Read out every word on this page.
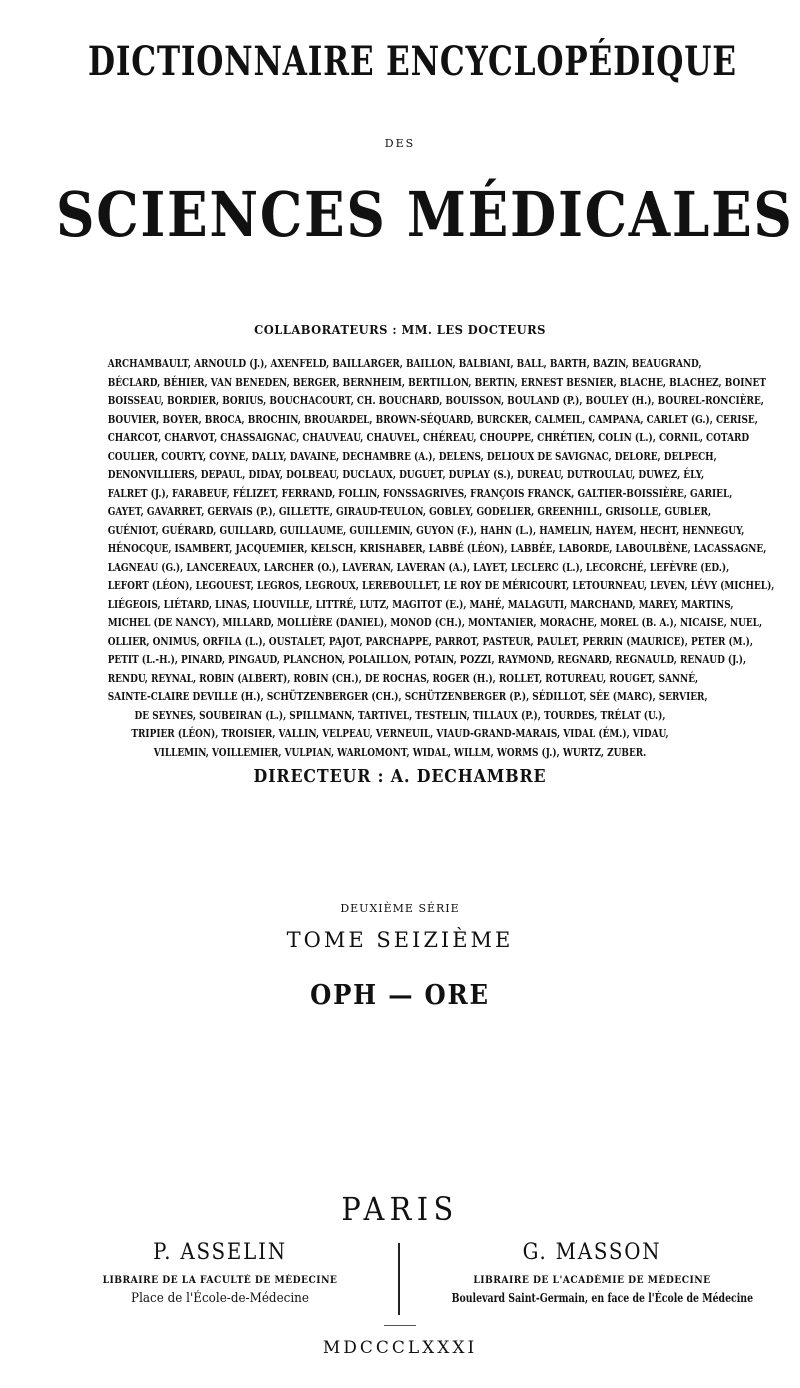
DICTIONNAIRE ENCYCLOPÉDIQUE
DES
SCIENCES MÉDICALES
COLLABORATEURS : MM. LES DOCTEURS
ARCHAMBAULT, ARNOULD (J.), AXENFELD, BAILLARGER, BAILLON, BALBIANI, BALL, BARTH, BAZIN, BEAUGRAND,
BÉCLARD, BÉHIER, VAN BENEDEN, BERGER, BERNHEIM, BERTILLON, BERTIN, ERNEST BESNIER, BLACHE, BLACHEZ, BOINET
BOISSEAU, BORDIER, BORIUS, BOUCHACOURT, CH. BOUCHARD, BOUISSON, BOULAND (P.), BOULEY (H.), BOUREL-RONCIÈRE,
BOUVIER, BOYER, BROCA, BROCHIN, BROUARDEL, BROWN-SÉQUARD, BURCKER, CALMEIL, CAMPANA, CARLET (G.), CERISE,
CHARCOT, CHARVOT, CHASSAIGNAC, CHAUVEAU, CHAUVEL, CHÉREAU, CHOUPPE, CHRÉTIEN, COLIN (L.), CORNIL, COTARD
COULIER, COURTY, COYNE, DALLY, DAVAINE, DECHAMBRE (A.), DELENS, DELIOUX DE SAVIGNAC, DELORE, DELPECH,
DENONVILLIERS, DEPAUL, DIDAY, DOLBEAU, DUCLAUX, DUGUET, DUPLAY (S.), DUREAU, DUTROULAU, DUWEZ, ÉLY,
FALRET (J.), FARABEUF, FÉLIZET, FERRAND, FOLLIN, FONSSAGRIVES, FRANÇOIS FRANCK, GALTIER-BOISSIÈRE, GARIEL,
GAYET, GAVARRET, GERVAIS (P.), GILLETTE, GIRAUD-TEULON, GOBLEY, GODELIER, GREENHILL, GRISOLLE, GUBLER,
GUÉNIOT, GUÉRARD, GUILLARD, GUILLAUME, GUILLEMIN, GUYON (F.), HAHN (L.), HAMELIN, HAYEM, HECHT, HENNEGUY,
HÉNOCQUE, ISAMBERT, JACQUEMIER, KELSCH, KRISHABER, LABBÉ (LÉON), LABBÉE, LABORDE, LABOULBÈNE, LACASSAGNE,
LAGNEAU (G.), LANCEREAUX, LARCHER (O.), LAVERAN, LAVERAN (A.), LAYET, LECLERC (L.), LECORCHÉ, LEFÈVRE (ED.),
LEFORT (LÉON), LEGOUEST, LEGROS, LEGROUX, LEREBOULLET, LE ROY DE MÉRICOURT, LETOURNEAU, LEVEN, LÉVY (MICHEL),
LIÉGEOIS, LIÉTARD, LINAS, LIOUVILLE, LITTRÉ, LUTZ, MAGITOT (E.), MAHÉ, MALAGUTI, MARCHAND, MAREY, MARTINS,
MICHEL (DE NANCY), MILLARD, MOLLIÈRE (DANIEL), MONOD (CH.), MONTANIER, MORACHE, MOREL (B. A.), NICAISE, NUEL,
OLLIER, ONIMUS, ORFILA (L.), OUSTALET, PAJOT, PARCHAPPE, PARROT, PASTEUR, PAULET, PERRIN (MAURICE), PETER (M.),
PETIT (L.-H.), PINARD, PINGAUD, PLANCHON, POLAILLON, POTAIN, POZZI, RAYMOND, REGNARD, REGNAULD, RENAUD (J.),
RENDU, REYNAL, ROBIN (ALBERT), ROBIN (CH.), DE ROCHAS, ROGER (H.), ROLLET, ROTUREAU, ROUGET, SANNÉ,
SAINTE-CLAIRE DEVILLE (H.), SCHÜTZENBERGER (CH.), SCHÜTZENBERGER (P.), SÉDILLOT, SÉE (MARC), SERVIER,
DE SEYNES, SOUBEIRAN (L.), SPILLMANN, TARTIVEL, TESTELIN, TILLAUX (P.), TOURDES, TRÉLAT (U.),
TRIPIER (LÉON), TROISIER, VALLIN, VELPEAU, VERNEUIL, VIAUD-GRAND-MARAIS, VIDAL (ÉM.), VIDAU,
VILLEMIN, VOILLEMIER, VULPIAN, WARLOMONT, WIDAL, WILLM, WORMS (J.), WURTZ, ZUBER.
DIRECTEUR : A. DECHAMBRE
DEUXIÈME SÉRIE
TOME SEIZIÈME
OPH — ORE
PARIS
P. ASSELIN
LIBRAIRE DE LA FACULTÉ DE MÉDECINE
Place de l'École-de-Médecine
G. MASSON
LIBRAIRE DE L'ACADÉMIE DE MÉDECINE
Boulevard Saint-Germain, en face de l'École de Médecine
MDCCCLXXXI
